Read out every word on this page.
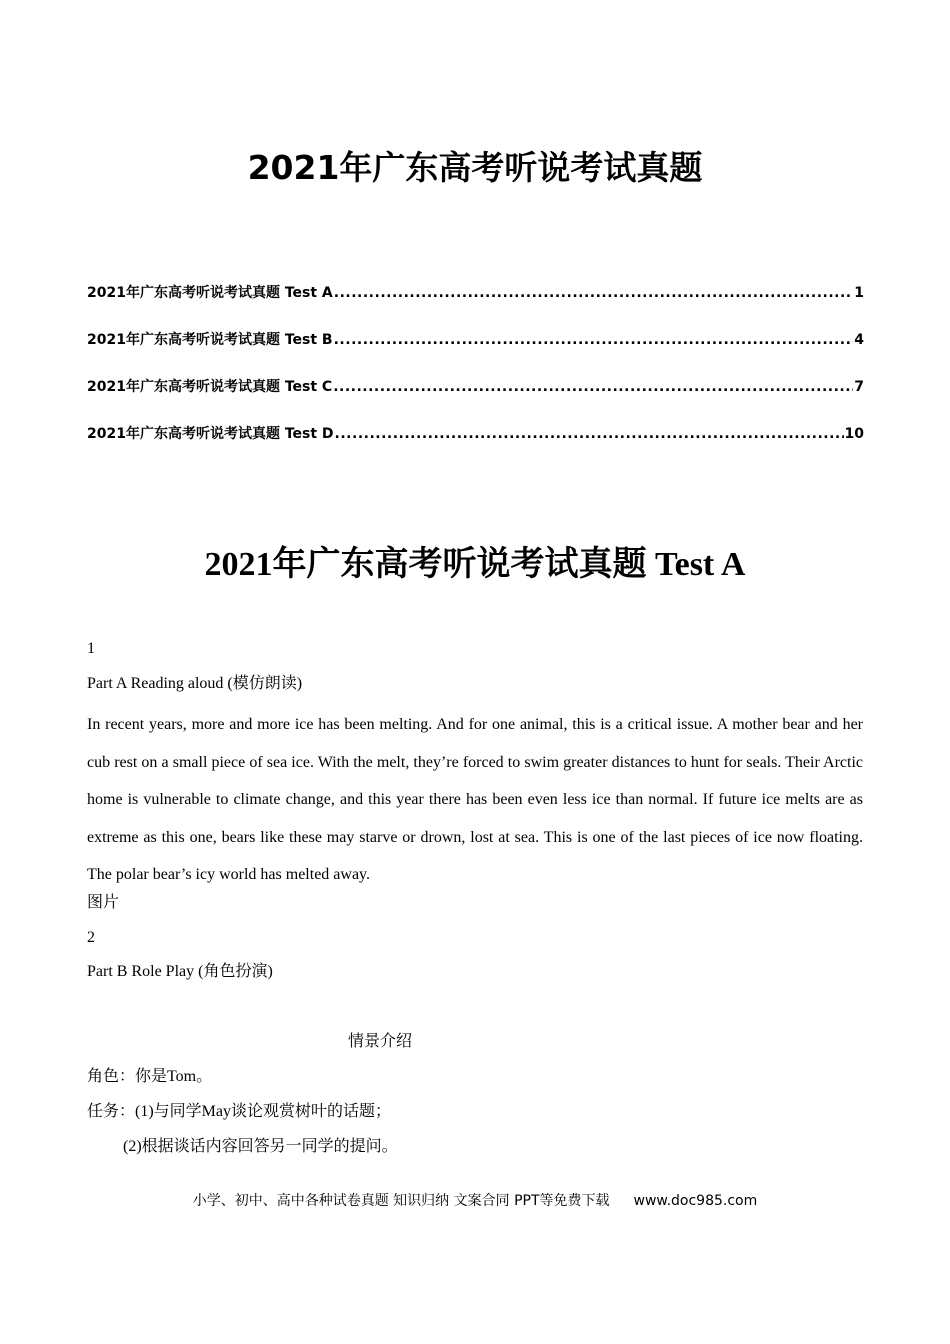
2021年广东高考听说考试真题
2021年广东高考听说考试真题 Test A .....	1
2021年广东高考听说考试真题 Test B .....	4
2021年广东高考听说考试真题 Test C .....	7
2021年广东高考听说考试真题 Test D .....	10
2021年广东高考听说考试真题 Test A
1
Part A Reading aloud (模仿朗读)
In recent years, more and more ice has been melting. And for one animal, this is a critical issue. A mother bear and her cub rest on a small piece of sea ice. With the melt, they’re forced to swim greater distances to hunt for seals. Their Arctic home is vulnerable to climate change, and this year there has been even less ice than normal. If future ice melts are as extreme as this one, bears like these may starve or drown, lost at sea. This is one of the last pieces of ice now floating. The polar bear’s icy world has melted away.
图片
2
Part B Role Play (角色扮演)
情景介绍
角色：你是Tom。
任务：(1)与同学May谈论观赏树叶的话题；
(2)根据谈话内容回答另一同学的提问。
小学、初中、高中各种试卷真题 知识归纳 文案合同 PPT等免费下载 www.doc985.com
